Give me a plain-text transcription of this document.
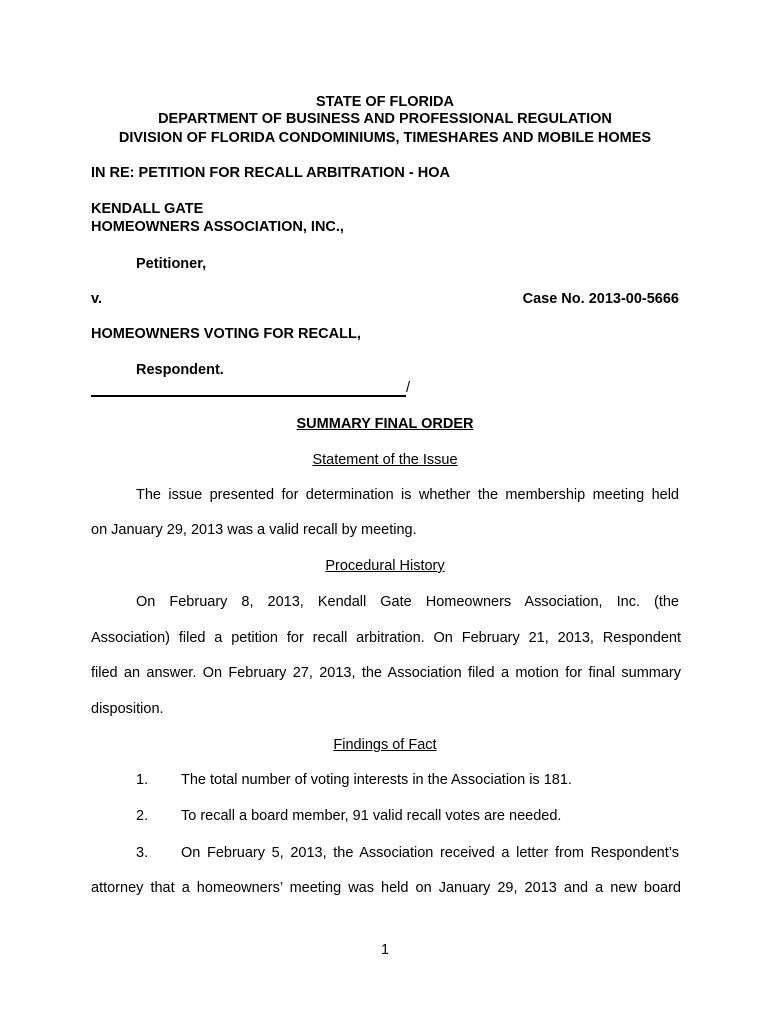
STATE OF FLORIDA
DEPARTMENT OF BUSINESS AND PROFESSIONAL REGULATION
DIVISION OF FLORIDA CONDOMINIUMS, TIMESHARES AND MOBILE HOMES
IN RE: PETITION FOR RECALL ARBITRATION - HOA
KENDALL GATE
HOMEOWNERS ASSOCIATION, INC.,
Petitioner,
v.	Case No. 2013-00-5666
HOMEOWNERS VOTING FOR RECALL,
Respondent.
/
SUMMARY FINAL ORDER
Statement of the Issue
The issue presented for determination is whether the membership meeting held
on January 29, 2013 was a valid recall by meeting.
Procedural History
On February 8, 2013, Kendall Gate Homeowners Association, Inc. (the
Association) filed a petition for recall arbitration. On February 21, 2013, Respondent
filed an answer. On February 27, 2013, the Association filed a motion for final summary
disposition.
Findings of Fact
1. The total number of voting interests in the Association is 181.
2. To recall a board member, 91 valid recall votes are needed.
3. On February 5, 2013, the Association received a letter from Respondent’s
attorney that a homeowners’ meeting was held on January 29, 2013 and a new board
1
